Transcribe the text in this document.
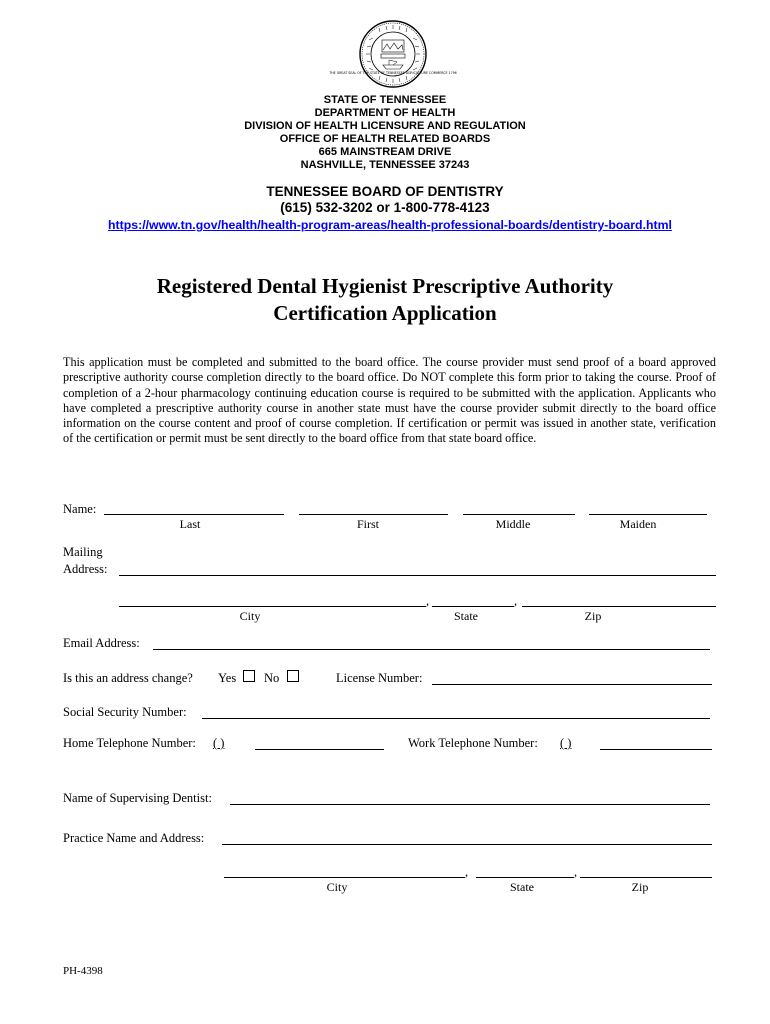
THE GREAT SEAL OF THE STATE OF TENNESSEE AGRICULTURE COMMERCE 1796
STATE OF TENNESSEE
DEPARTMENT OF HEALTH
DIVISION OF HEALTH LICENSURE AND REGULATION
OFFICE OF HEALTH RELATED BOARDS
665 MAINSTREAM DRIVE
NASHVILLE, TENNESSEE 37243
TENNESSEE BOARD OF DENTISTRY
(615) 532-3202 or 1-800-778-4123
https://www.tn.gov/health/health-program-areas/health-professional-boards/dentistry-board.html
Registered Dental Hygienist Prescriptive Authority
Certification Application
This application must be completed and submitted to the board office. The course provider must send proof of a board approved prescriptive authority course completion directly to the board office. Do NOT complete this form prior to taking the course. Proof of completion of a 2-hour pharmacology continuing education course is required to be submitted with the application. Applicants who have completed a prescriptive authority course in another state must have the course provider submit directly to the board office information on the course content and proof of course completion. If certification or permit was issued in another state, verification of the certification or permit must be sent directly to the board office from that state board office.
Name:
Last	First	Middle	Maiden
Mailing
Address:
,	,
City	State	Zip
Email Address:
Is this an address change? Yes No	License Number:
Social Security Number:
Home Telephone Number: ( )	Work Telephone Number: ( )
Name of Supervising Dentist:
Practice Name and Address:
,	,
City	State	Zip
PH-4398
